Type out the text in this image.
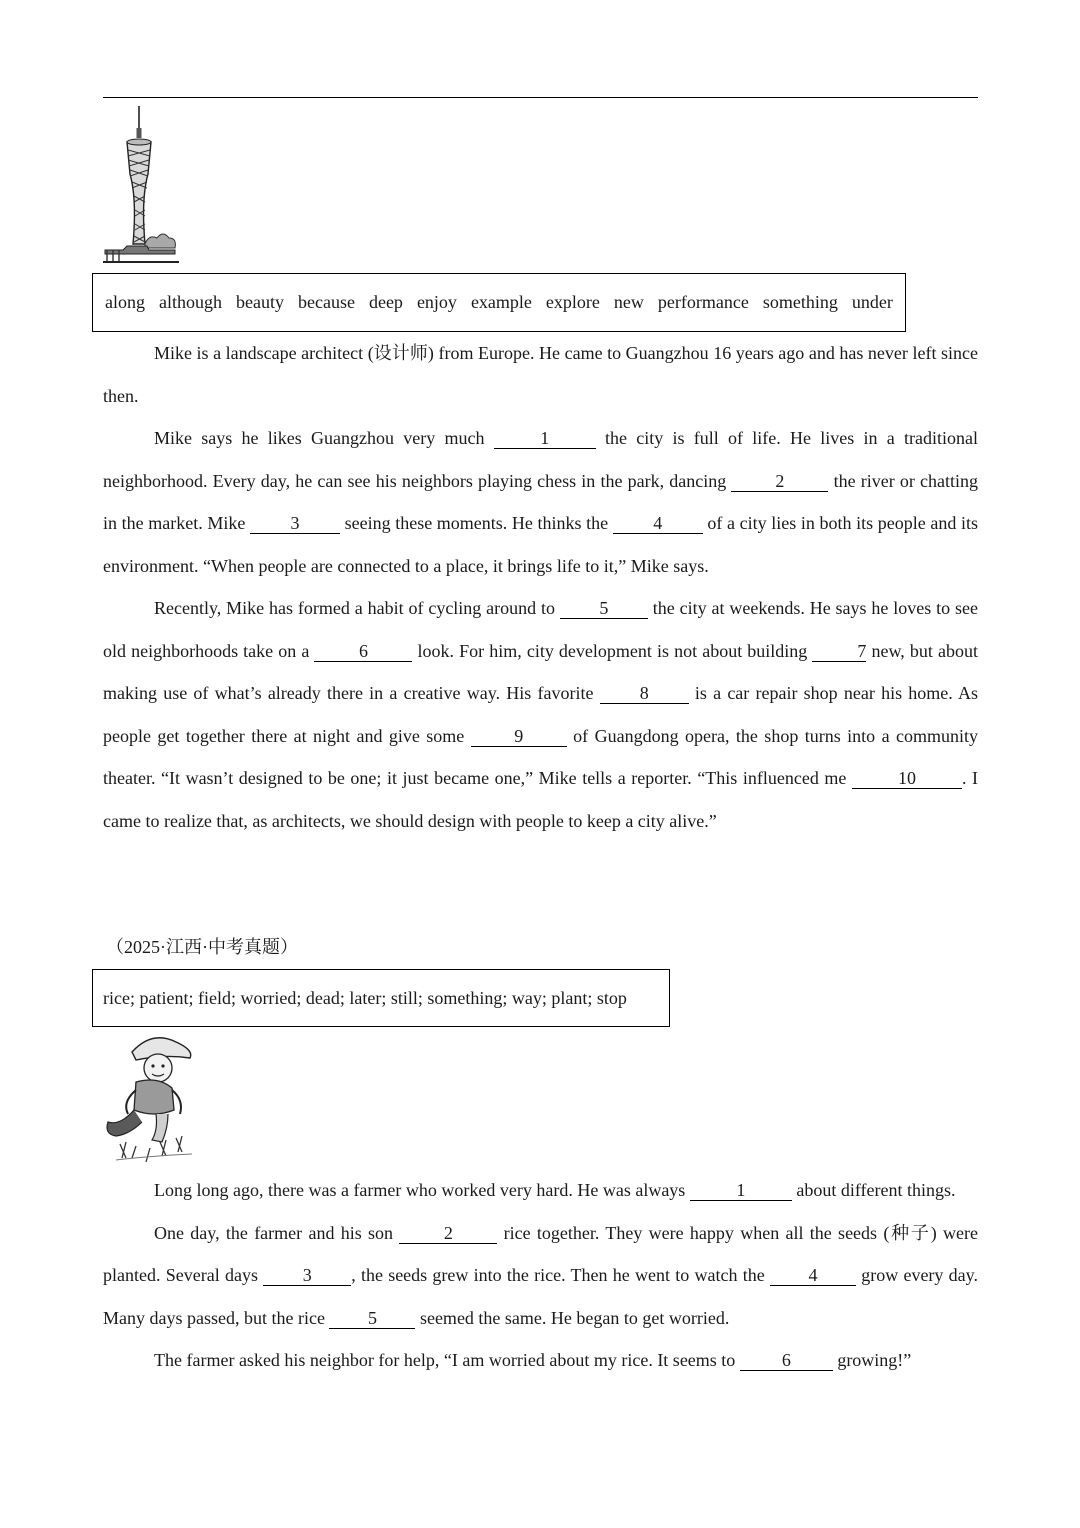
along although beauty because deep enjoy example explore new performance something under

Mike is a landscape architect (设计师) from Europe. He came to Guangzhou 16 years ago and has never left since then.

Mike says he likes Guangzhou very much	1	the city is full of life. He lives in a traditional neighborhood. Every day, he can see his neighbors playing chess in the park, dancing 2 the river or chatting in the market. Mike 3 seeing these moments. He thinks the 4 of a city lies in both its people and its environment. “When people are connected to a place, it brings life to it,” Mike says.

Recently, Mike has formed a habit of cycling around to 5 the city at weekends. He says he loves to see old neighborhoods take on a 6 look. For him, city development is not about building	7 new, but about making use of what’s already there in a creative way. His favorite 8 is a car repair shop near his home. As people get together there at night and give some 9 of Guangdong opera, the shop turns into a community theater. “It wasn’t designed to be one; it just became one,” Mike tells a reporter. “This influenced me	10	. I came to realize that, as architects, we should design with people to keep a city alive.”

（2025·江西·中考真题）
rice; patient; field; worried; dead; later; still; something; way; plant; stop

Long long ago, there was a farmer who worked very hard. He was always	1	about different things.

One day, the farmer and his son 2 rice together. They were happy when all the seeds (种子) were planted. Several days 3 , the seeds grew into the rice. Then he went to watch the 4 grow every day. Many days passed, but the rice 5 seemed the same. He began to get worried.

The farmer asked his neighbor for help, “I am worried about my rice. It seems to 6 growing!”
